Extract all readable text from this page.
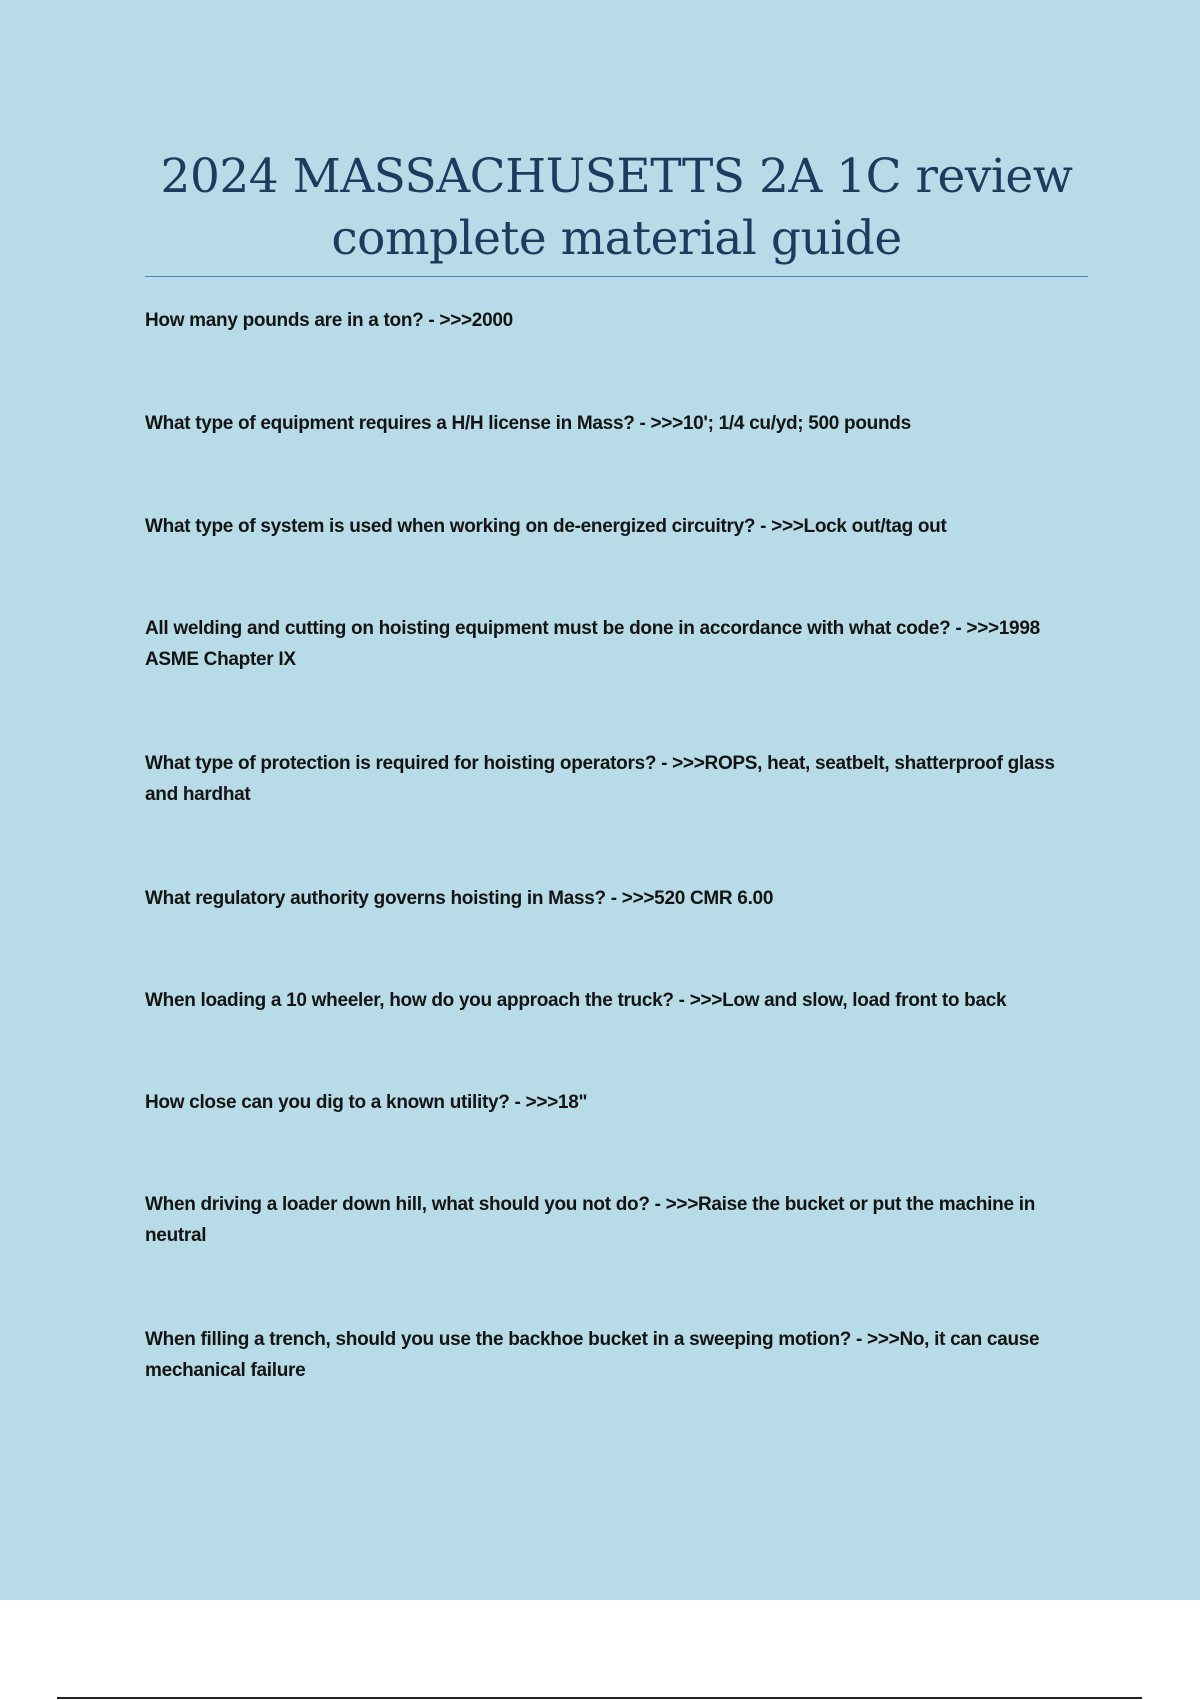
2024 MASSACHUSETTS 2A 1C review
complete material guide
How many pounds are in a ton? - >>>2000
What type of equipment requires a H/H license in Mass? - >>>10'; 1/4 cu/yd; 500 pounds
What type of system is used when working on de-energized circuitry? - >>>Lock out/tag out
All welding and cutting on hoisting equipment must be done in accordance with what code? - >>>1998 ASME Chapter IX
What type of protection is required for hoisting operators? - >>>ROPS, heat, seatbelt, shatterproof glass and hardhat
What regulatory authority governs hoisting in Mass? - >>>520 CMR 6.00
When loading a 10 wheeler, how do you approach the truck? - >>>Low and slow, load front to back
How close can you dig to a known utility? - >>>18"
When driving a loader down hill, what should you not do? - >>>Raise the bucket or put the machine in neutral
When filling a trench, should you use the backhoe bucket in a sweeping motion? - >>>No, it can cause mechanical failure
